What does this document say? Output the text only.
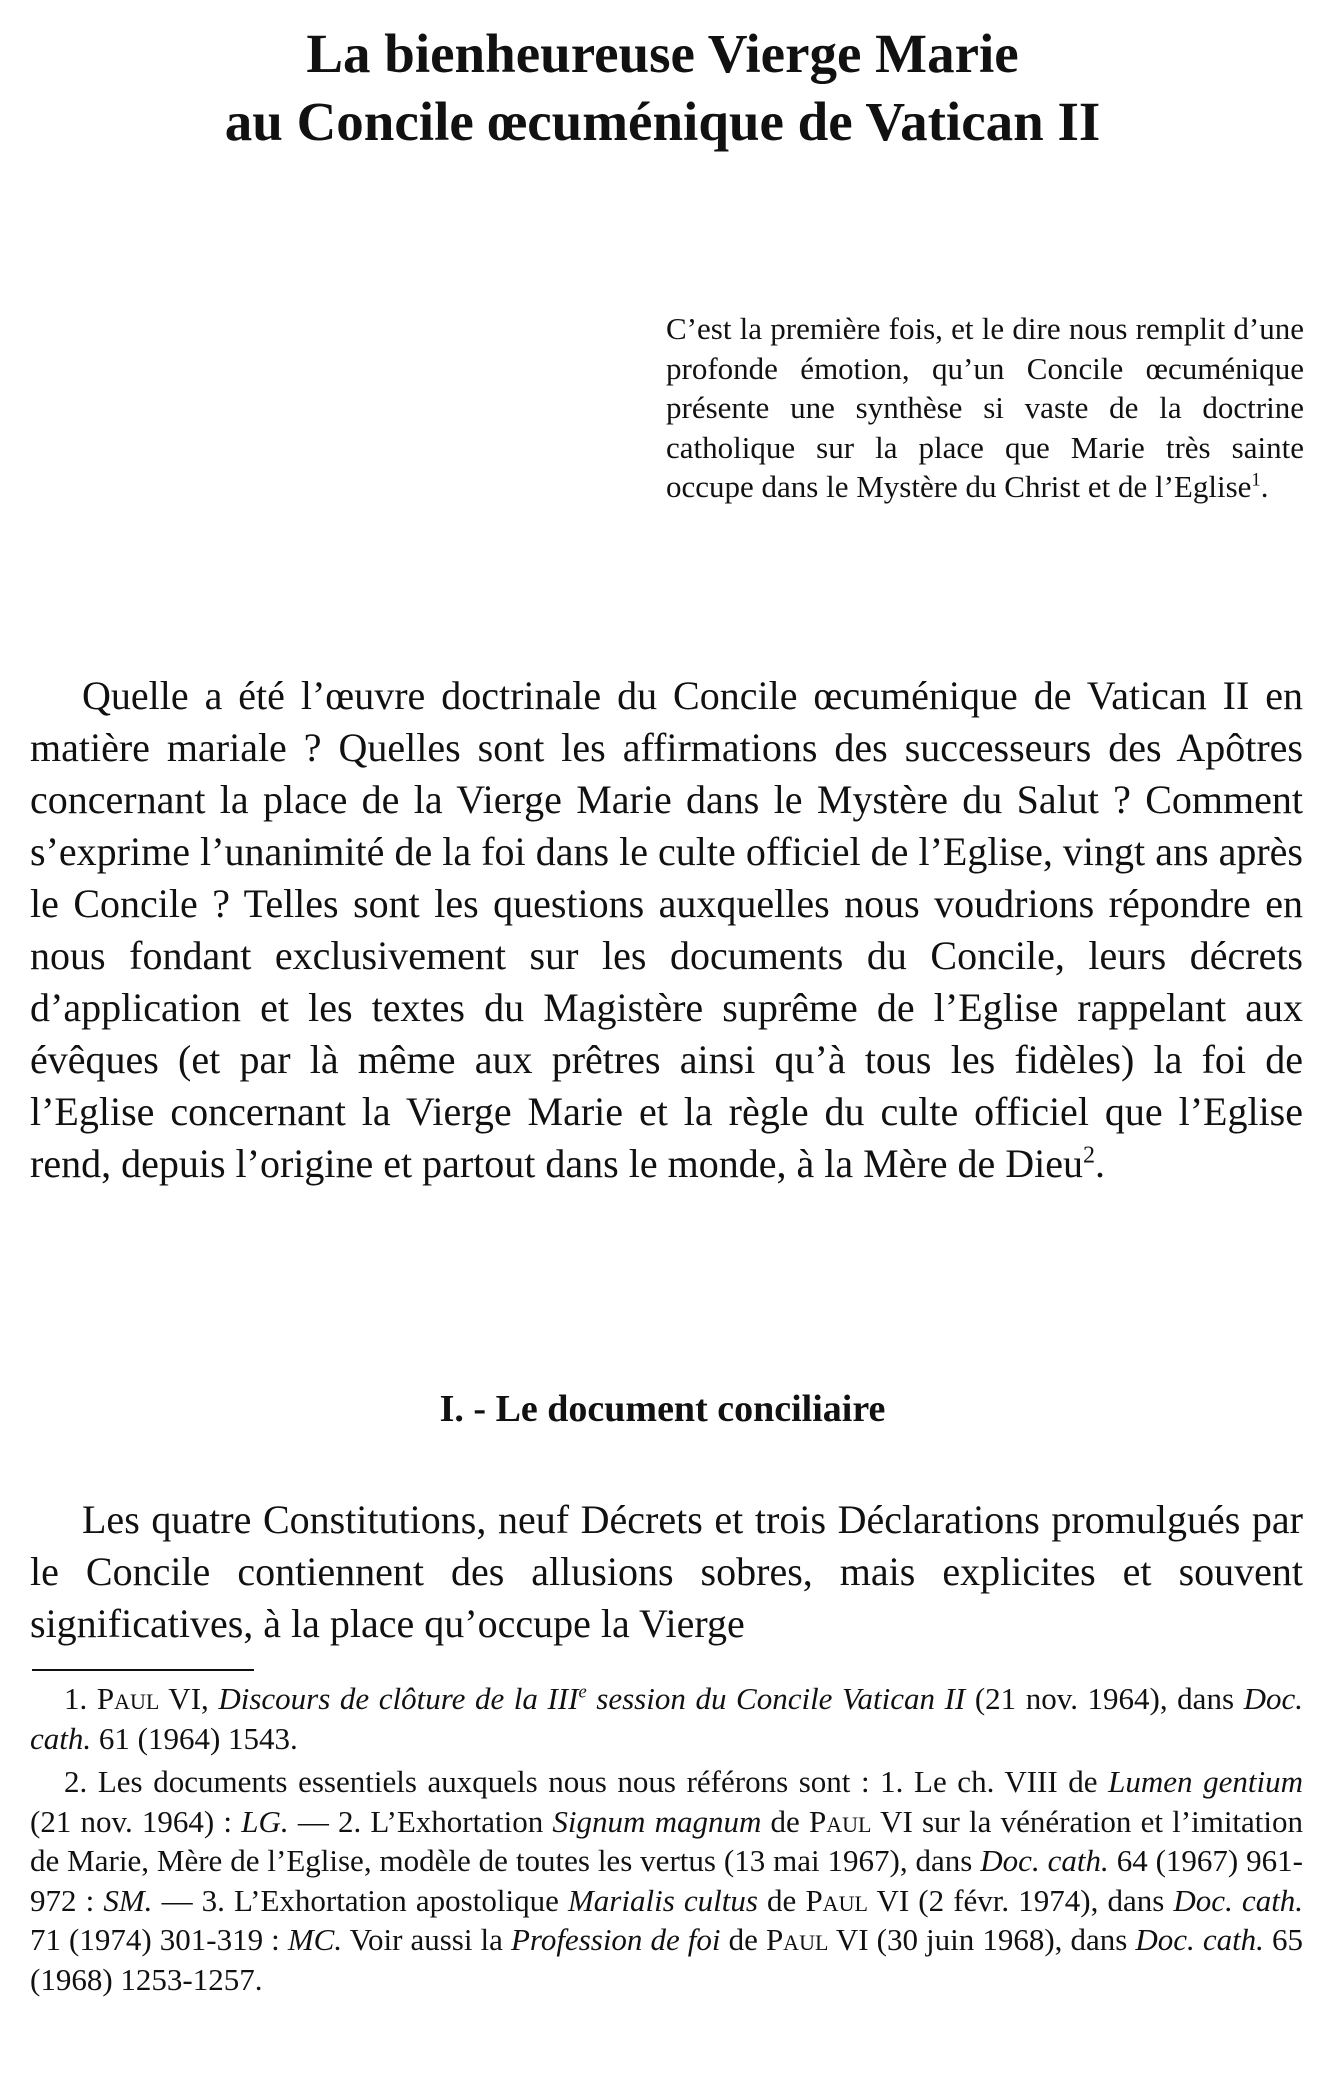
La bienheureuse Vierge Marie
au Concile œcuménique de Vatican II

C’est la première fois, et le dire nous remplit d’une profonde émotion, qu’un Concile œcuménique présente une synthèse si vaste de la doctrine catholique sur la place que Marie très sainte occupe dans le Mystère du Christ et de l’Eglise$^1$.

Quelle a été l’œuvre doctrinale du Concile œcuménique de Vatican II en matière mariale ? Quelles sont les affirmations des successeurs des Apôtres concernant la place de la Vierge Marie dans le Mystère du Salut ? Comment s’exprime l’unanimité de la foi dans le culte officiel de l’Eglise, vingt ans après le Concile ? Telles sont les questions auxquelles nous voudrions répondre en nous fondant exclusivement sur les documents du Concile, leurs décrets d’application et les textes du Magistère suprême de l’Eglise rappelant aux évêques (et par là même aux prêtres ainsi qu’à tous les fidèles) la foi de l’Eglise concernant la Vierge Marie et la règle du culte officiel que l’Eglise rend, depuis l’origine et partout dans le monde, à la Mère de Dieu$^2$.

I. - Le document conciliaire

Les quatre Constitutions, neuf Décrets et trois Déclarations promulgués par le Concile contiennent des allusions sobres, mais explicites et souvent significatives, à la place qu’occupe la Vierge

1. Paul VI, Discours de clôture de la IIIe session du Concile Vatican II (21 nov. 1964), dans Doc. cath. 61 (1964) 1543.

2. Les documents essentiels auxquels nous nous référons sont : 1. Le ch. VIII de Lumen gentium (21 nov. 1964) : LG. — 2. L’Exhortation Signum magnum de Paul VI sur la vénération et l’imitation de Marie, Mère de l’Eglise, modèle de toutes les vertus (13 mai 1967), dans Doc. cath. 64 (1967) 961-972 : SM. — 3. L’Exhortation apostolique Marialis cultus de Paul VI (2 févr. 1974), dans Doc. cath. 71 (1974) 301-319 : MC. Voir aussi la Profession de foi de Paul VI (30 juin 1968), dans Doc. cath. 65 (1968) 1253-1257.
